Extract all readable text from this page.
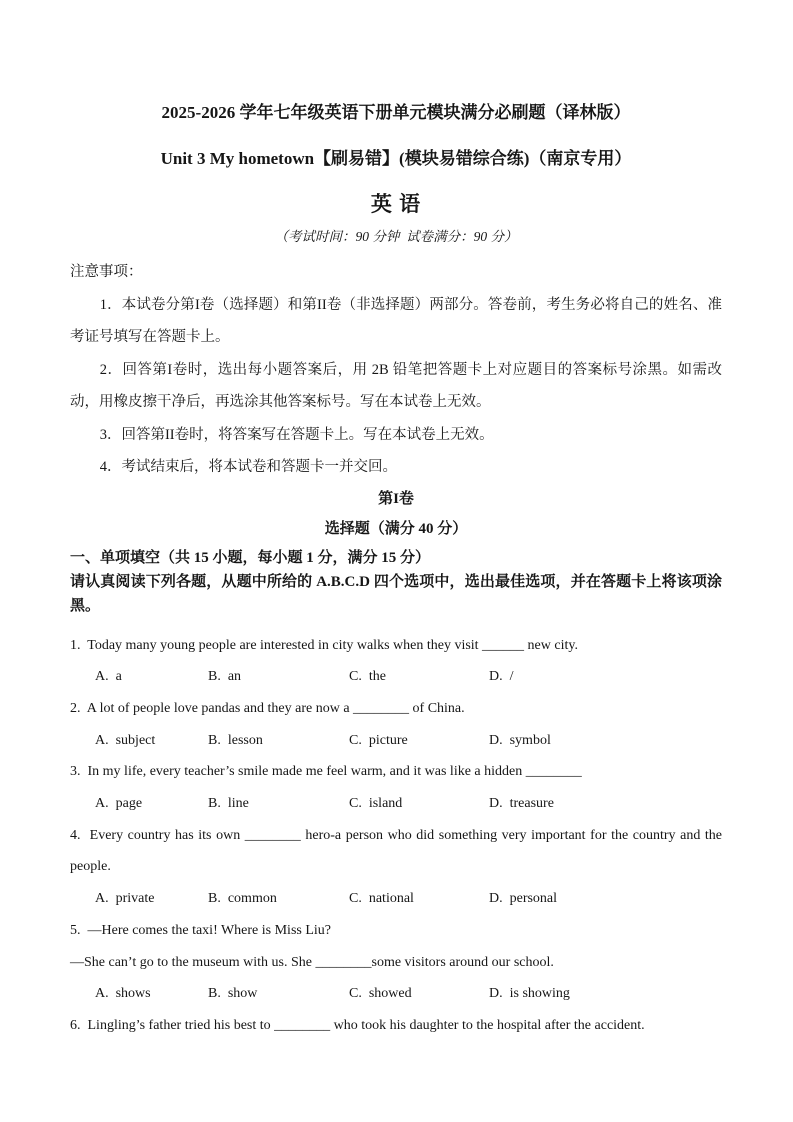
2025-2026 学年七年级英语下册单元模块满分必刷题（译林版）

Unit 3 My hometown【刷易错】(模块易错综合练)（南京专用）

英 语

（考试时间：90 分钟  试卷满分：90 分）

注意事项：

1．本试卷分第I卷（选择题）和第II卷（非选择题）两部分。答卷前，考生务必将自己的姓名、准考证号填写在答题卡上。

2．回答第I卷时，选出每小题答案后，用 2B 铅笔把答题卡上对应题目的答案标号涂黑。如需改动，用橡皮擦干净后，再选涂其他答案标号。写在本试卷上无效。

3．回答第II卷时，将答案写在答题卡上。写在本试卷上无效。

4．考试结束后，将本试卷和答题卡一并交回。

第I卷

选择题（满分 40 分）

一、单项填空（共 15 小题，每小题 1 分，满分 15 分）

请认真阅读下列各题，从题中所给的 A.B.C.D 四个选项中，选出最佳选项，并在答题卡上将该项涂黑。

1.  Today many young people are interested in city walks when they visit ______ new city.

A.  a	B.  an	C.  the	D.  /

2.  A lot of people love pandas and they are now a ________ of China.

A.  subject	B.  lesson	C.  picture	D.  symbol

3.  In my life, every teacher’s smile made me feel warm, and it was like a hidden ________

A.  page	B.  line	C.  island	D.  treasure

4.  Every country has its own ________ hero-a person who did something very important for the country and the people.

A.  private	B.  common	C.  national	D.  personal

5.  —Here comes the taxi! Where is Miss Liu?

—She can’t go to the museum with us. She ________some visitors around our school.

A.  shows	B.  show	C.  showed	D.  is showing

6.  Lingling’s father tried his best to ________ who took his daughter to the hospital after the accident.
